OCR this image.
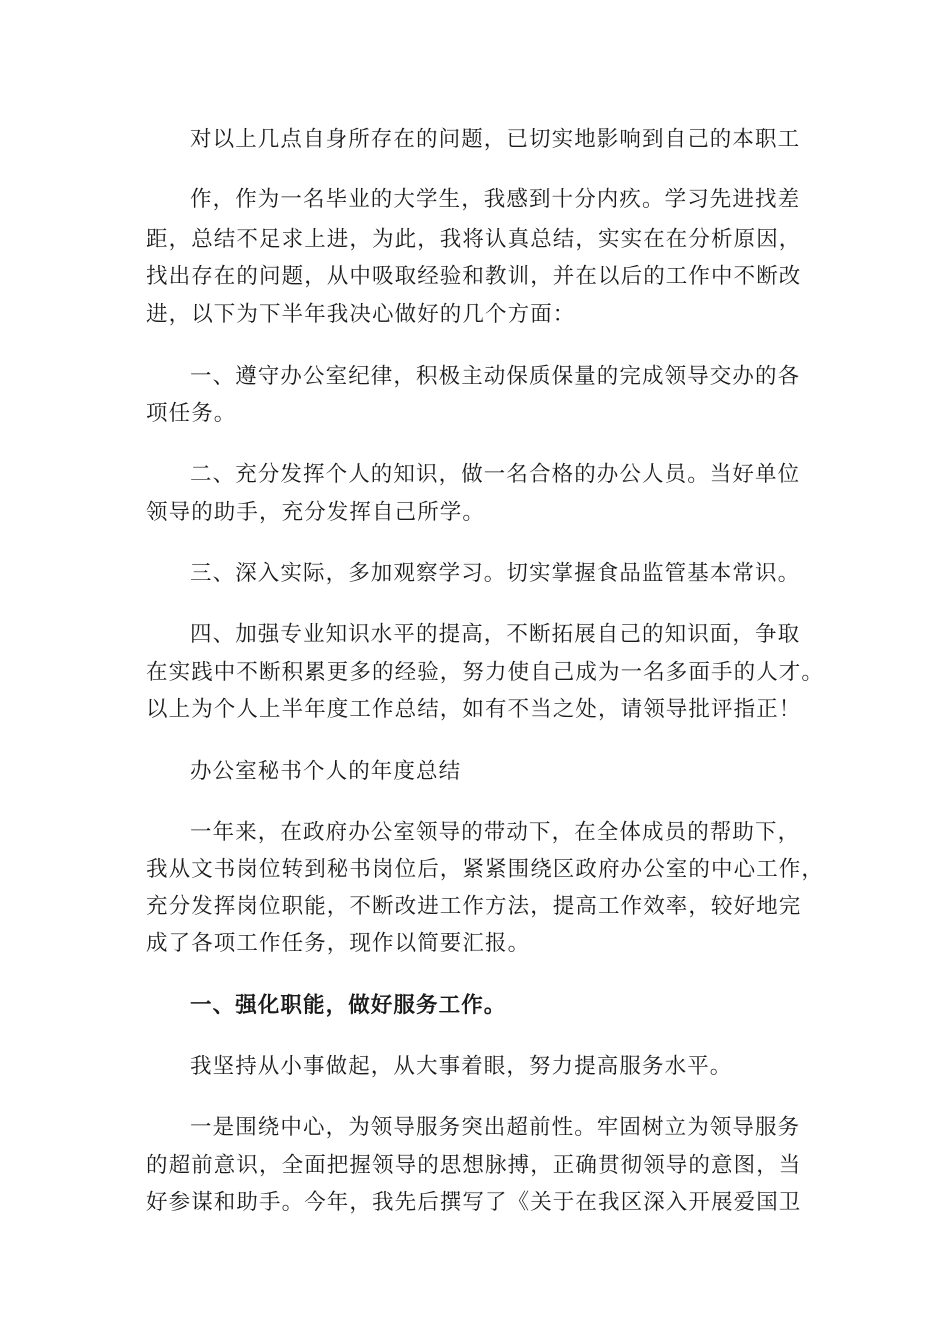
对以上几点自身所存在的问题，已切实地影响到自己的本职工
作，作为一名毕业的大学生，我感到十分内疚。学习先进找差
距，总结不足求上进，为此，我将认真总结，实实在在分析原因，
找出存在的问题，从中吸取经验和教训，并在以后的工作中不断改
进，以下为下半年我决心做好的几个方面：
一、遵守办公室纪律，积极主动保质保量的完成领导交办的各
项任务。
二、充分发挥个人的知识，做一名合格的办公人员。当好单位
领导的助手，充分发挥自己所学。
三、深入实际，多加观察学习。切实掌握食品监管基本常识。
四、加强专业知识水平的提高，不断拓展自己的知识面，争取
在实践中不断积累更多的经验，努力使自己成为一名多面手的人才。
以上为个人上半年度工作总结，如有不当之处，请领导批评指正！
办公室秘书个人的年度总结
一年来，在政府办公室领导的带动下，在全体成员的帮助下，
我从文书岗位转到秘书岗位后，紧紧围绕区政府办公室的中心工作，
充分发挥岗位职能，不断改进工作方法，提高工作效率，较好地完
成了各项工作任务，现作以简要汇报。
一、强化职能，做好服务工作。
我坚持从小事做起，从大事着眼，努力提高服务水平。
一是围绕中心，为领导服务突出超前性。牢固树立为领导服务
的超前意识，全面把握领导的思想脉搏，正确贯彻领导的意图，当
好参谋和助手。今年，我先后撰写了《关于在我区深入开展爱国卫
